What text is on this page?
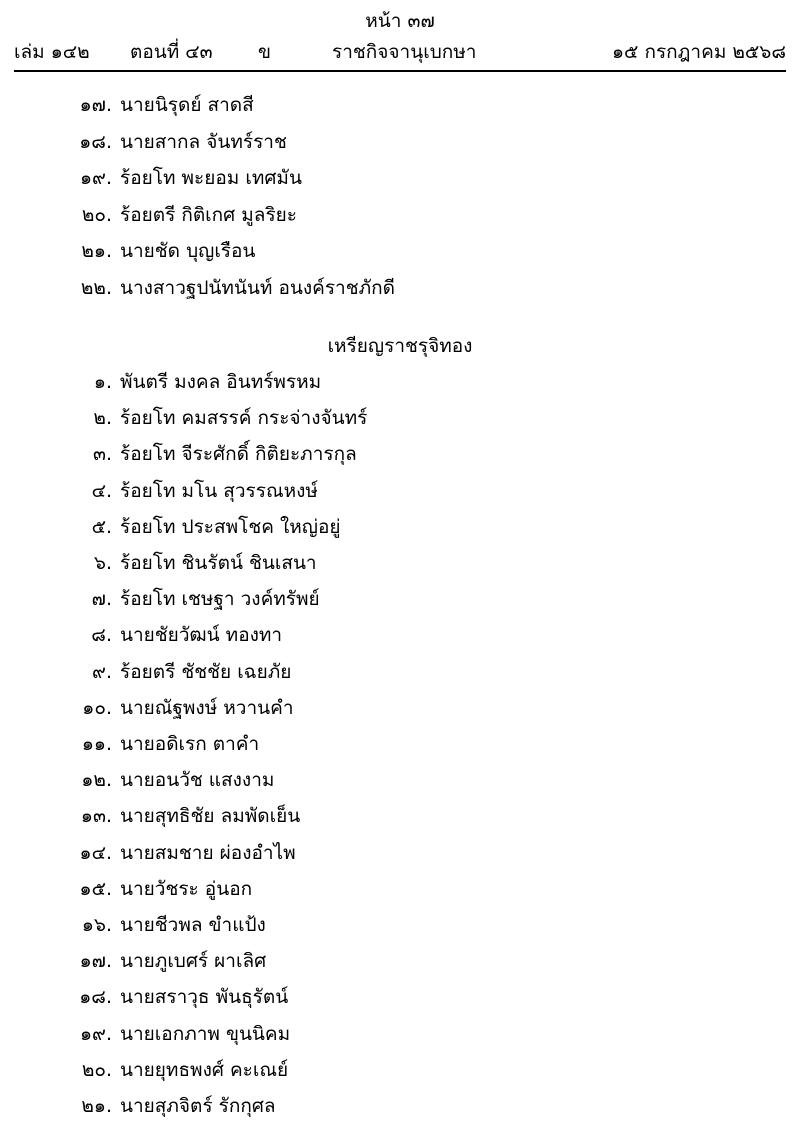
หน้า ๓๗
เล่ม ๑๔๒ ตอนที่ ๔๓ ข	ราชกิจจานุเบกษา	๑๕ กรกฎาคม ๒๕๖๘
๑๗. นายนิรุดย์ สาดสี
๑๘. นายสากล จันทร์ราช
๑๙. ร้อยโท พะยอม เทศมัน
๒๐. ร้อยตรี กิติเกศ มูลริยะ
๒๑. นายชัด บุญเรือน
๒๒. นางสาวฐปนัทนันท์ อนงค์ราชภักดี
เหรียญราชรุจิทอง
๑. พันตรี มงคล อินทร์พรหม
๒. ร้อยโท คมสรรค์ กระจ่างจันทร์
๓. ร้อยโท จีระศักดิ์ กิติยะภารกุล
๔. ร้อยโท มโน สุวรรณหงษ์
๕. ร้อยโท ประสพโชค ใหญ่อยู่
๖. ร้อยโท ชินรัตน์ ชินเสนา
๗. ร้อยโท เชษฐา วงค์ทรัพย์
๘. นายชัยวัฒน์ ทองทา
๙. ร้อยตรี ชัชชัย เฉยภัย
๑๐. นายณัฐพงษ์ หวานคำ
๑๑. นายอดิเรก ตาคำ
๑๒. นายอนวัช แสงงาม
๑๓. นายสุทธิชัย ลมพัดเย็น
๑๔. นายสมชาย ผ่องอำไพ
๑๕. นายวัชระ อู่นอก
๑๖. นายชีวพล ขำแป้ง
๑๗. นายภูเบศร์ ผาเลิศ
๑๘. นายสราวุธ พันธุรัตน์
๑๙. นายเอกภาพ ขุนนิคม
๒๐. นายยุทธพงศ์ คะเณย์
๒๑. นายสุภจิตร์ รักกุศล
